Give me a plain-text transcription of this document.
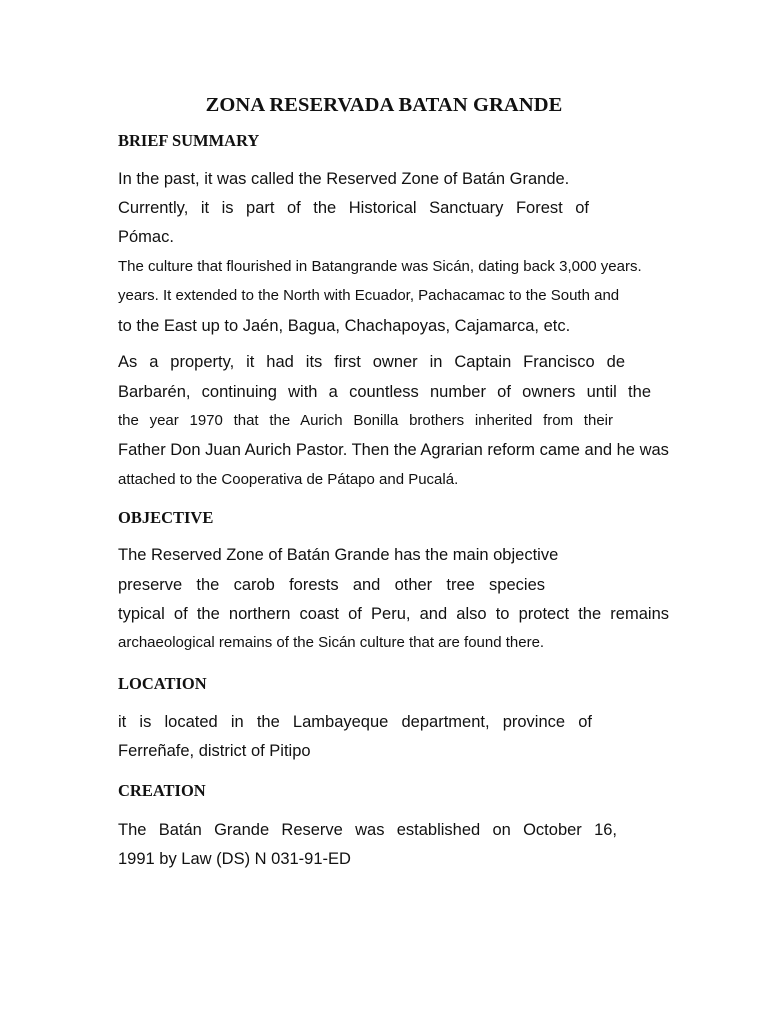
ZONA RESERVADA BATAN GRANDE
BRIEF SUMMARY
In the past, it was called the Reserved Zone of Batán Grande.
Currently, it is part of the Historical Sanctuary Forest of
Pómac.
The culture that flourished in Batangrande was Sicán, dating back 3,000 years.
years. It extended to the North with Ecuador, Pachacamac to the South and
to the East up to Jaén, Bagua, Chachapoyas, Cajamarca, etc.
As a property, it had its first owner in Captain Francisco de
Barbarén, continuing with a countless number of owners until the
the year 1970 that the Aurich Bonilla brothers inherited from their
Father Don Juan Aurich Pastor. Then the Agrarian reform came and he was
attached to the Cooperativa de Pátapo and Pucalá.
OBJECTIVE
The Reserved Zone of Batán Grande has the main objective
preserve the carob forests and other tree species
typical of the northern coast of Peru, and also to protect the remains
archaeological remains of the Sicán culture that are found there.
LOCATION
it is located in the Lambayeque department, province of
Ferreñafe, district of Pitipo
CREATION
The Batán Grande Reserve was established on October 16,
1991 by Law (DS) N 031-91-ED
